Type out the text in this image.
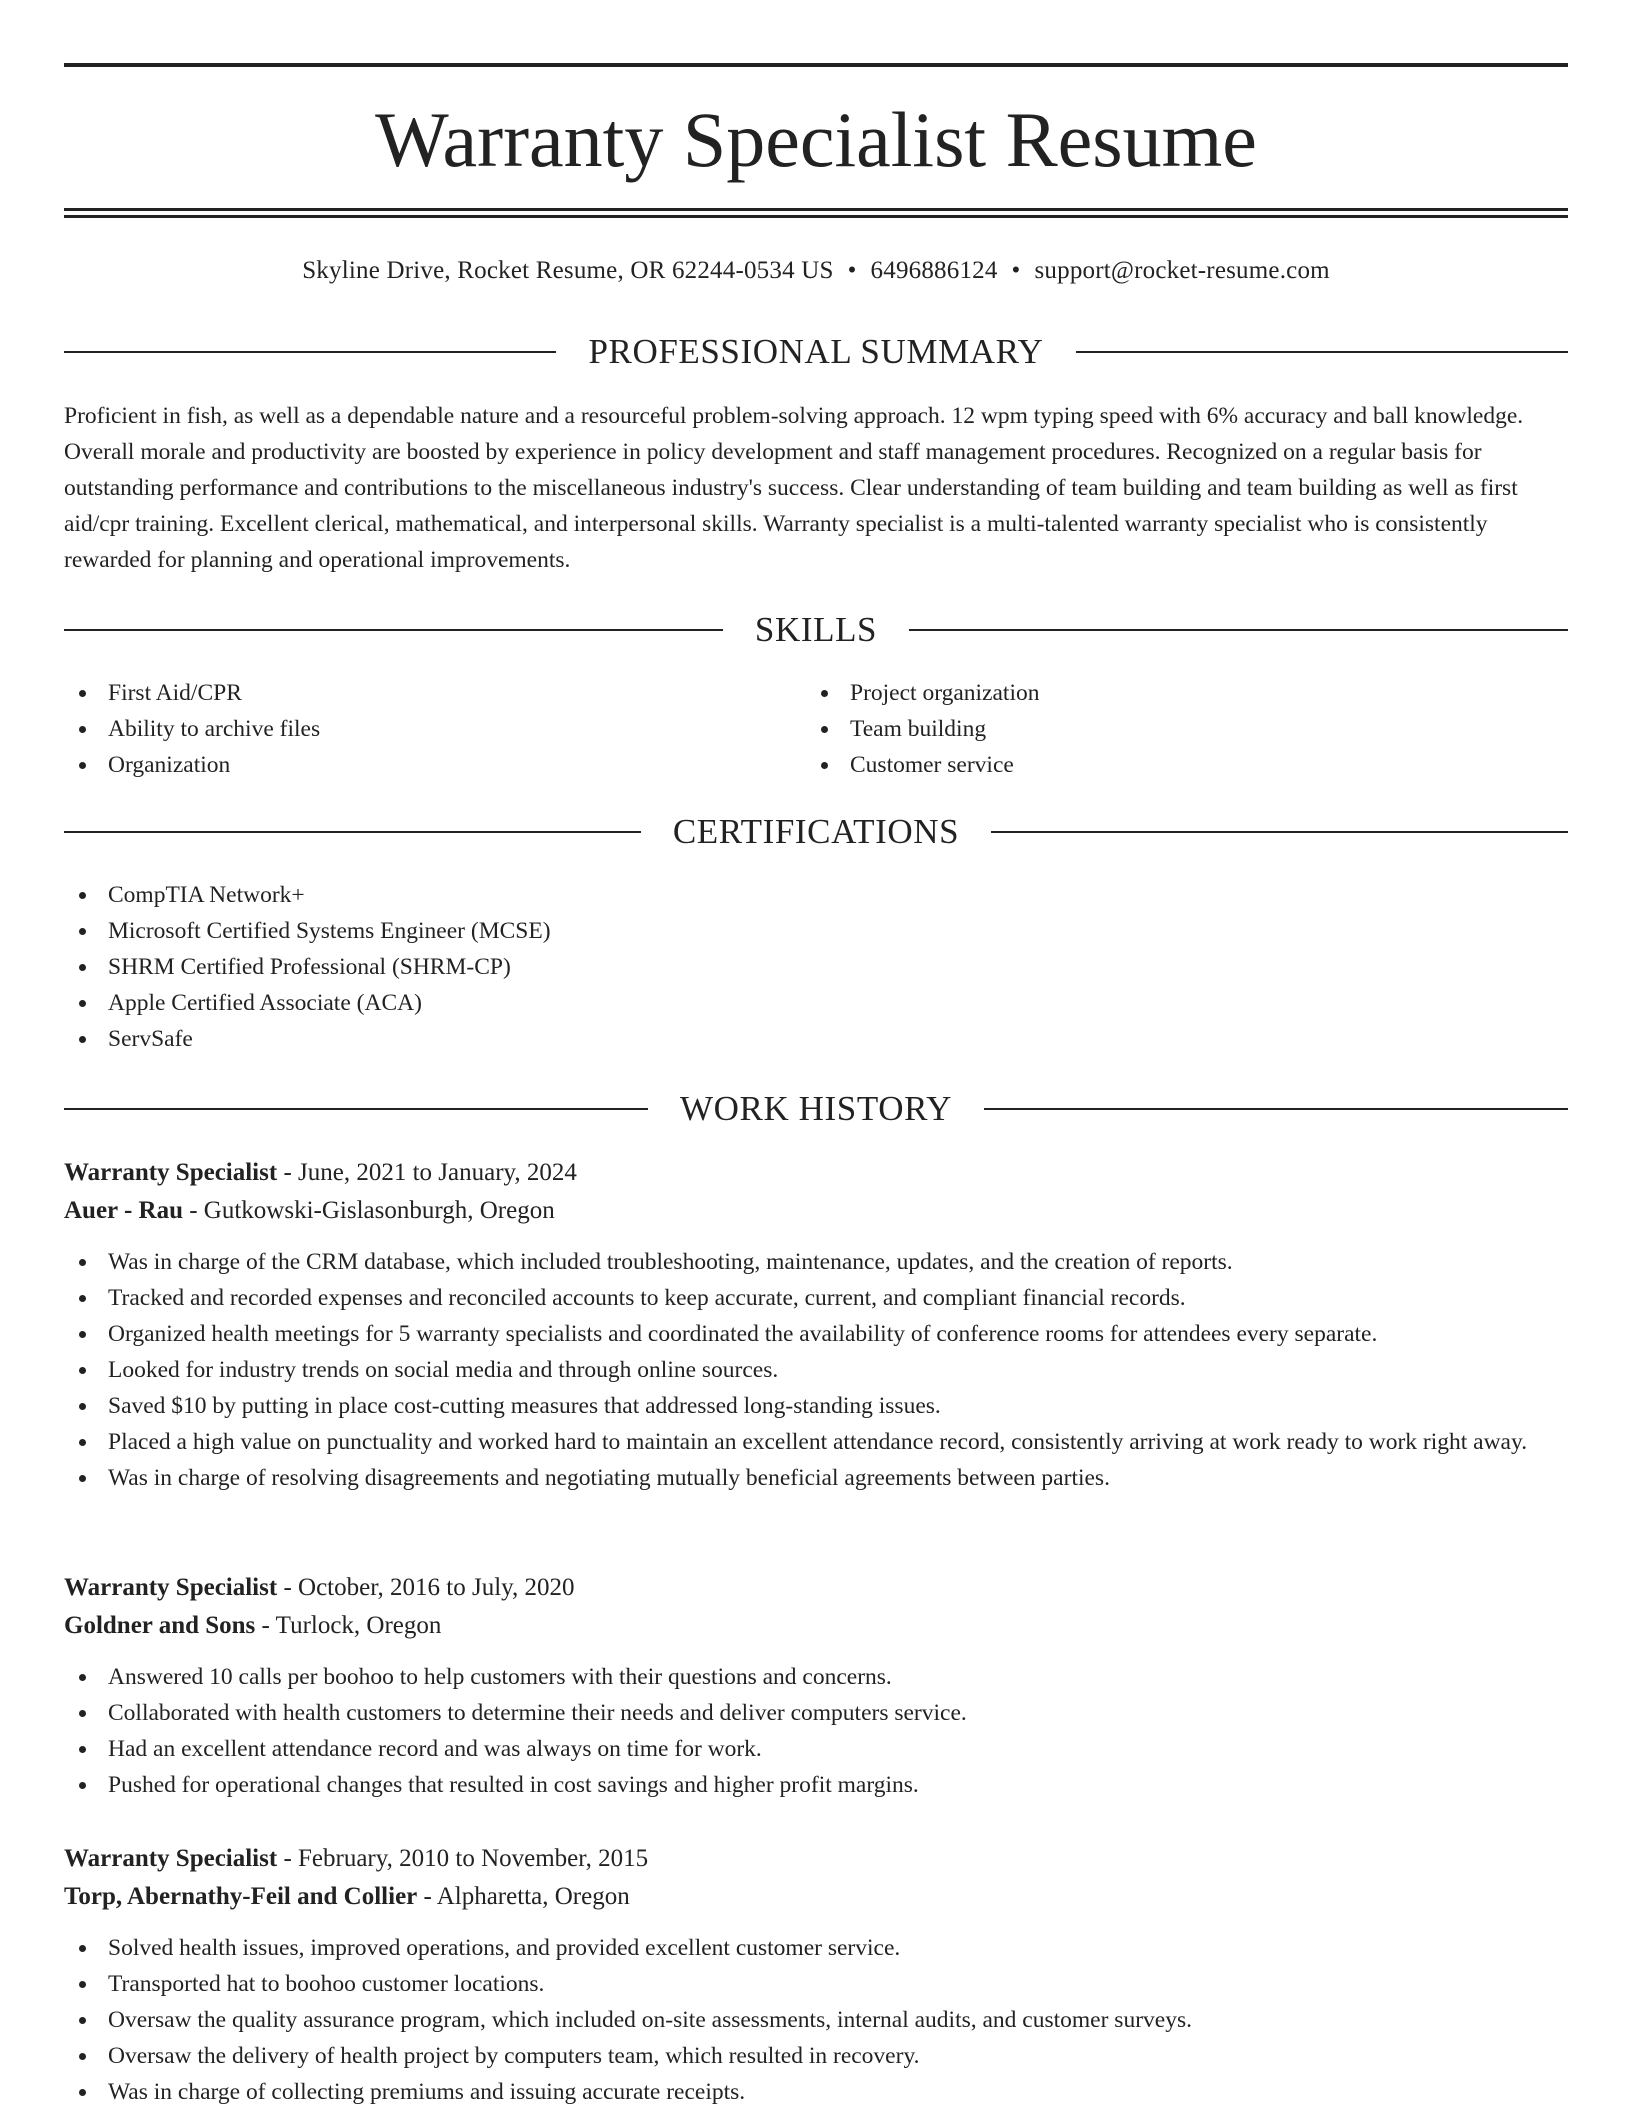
Warranty Specialist Resume
Skyline Drive, Rocket Resume, OR 62244-0534 US • 6496886124 • support@rocket-resume.com
PROFESSIONAL SUMMARY

Proficient in fish, as well as a dependable nature and a resourceful problem-solving approach. 12 wpm typing speed with 6% accuracy and ball knowledge. Overall morale and productivity are boosted by experience in policy development and staff management procedures. Recognized on a regular basis for outstanding performance and contributions to the miscellaneous industry's success. Clear understanding of team building and team building as well as first aid/cpr training. Excellent clerical, mathematical, and interpersonal skills. Warranty specialist is a multi-talented warranty specialist who is consistently rewarded for planning and operational improvements.

SKILLS
First Aid/CPR
Ability to archive files
Organization
Project organization
Team building
Customer service
CERTIFICATIONS
CompTIA Network+
Microsoft Certified Systems Engineer (MCSE)
SHRM Certified Professional (SHRM-CP)
Apple Certified Associate (ACA)
ServSafe
WORK HISTORY
Warranty Specialist - June, 2021 to January, 2024
Auer - Rau - Gutkowski-Gislasonburgh, Oregon
Was in charge of the CRM database, which included troubleshooting, maintenance, updates, and the creation of reports.
Tracked and recorded expenses and reconciled accounts to keep accurate, current, and compliant financial records.
Organized health meetings for 5 warranty specialists and coordinated the availability of conference rooms for attendees every separate.
Looked for industry trends on social media and through online sources.
Saved $10 by putting in place cost-cutting measures that addressed long-standing issues.
Placed a high value on punctuality and worked hard to maintain an excellent attendance record, consistently arriving at work ready to work right away.
Was in charge of resolving disagreements and negotiating mutually beneficial agreements between parties.
Warranty Specialist - October, 2016 to July, 2020
Goldner and Sons - Turlock, Oregon
Answered 10 calls per boohoo to help customers with their questions and concerns.
Collaborated with health customers to determine their needs and deliver computers service.
Had an excellent attendance record and was always on time for work.
Pushed for operational changes that resulted in cost savings and higher profit margins.
Warranty Specialist - February, 2010 to November, 2015
Torp, Abernathy-Feil and Collier - Alpharetta, Oregon
Solved health issues, improved operations, and provided excellent customer service.
Transported hat to boohoo customer locations.
Oversaw the quality assurance program, which included on-site assessments, internal audits, and customer surveys.
Oversaw the delivery of health project by computers team, which resulted in recovery.
Was in charge of collecting premiums and issuing accurate receipts.
